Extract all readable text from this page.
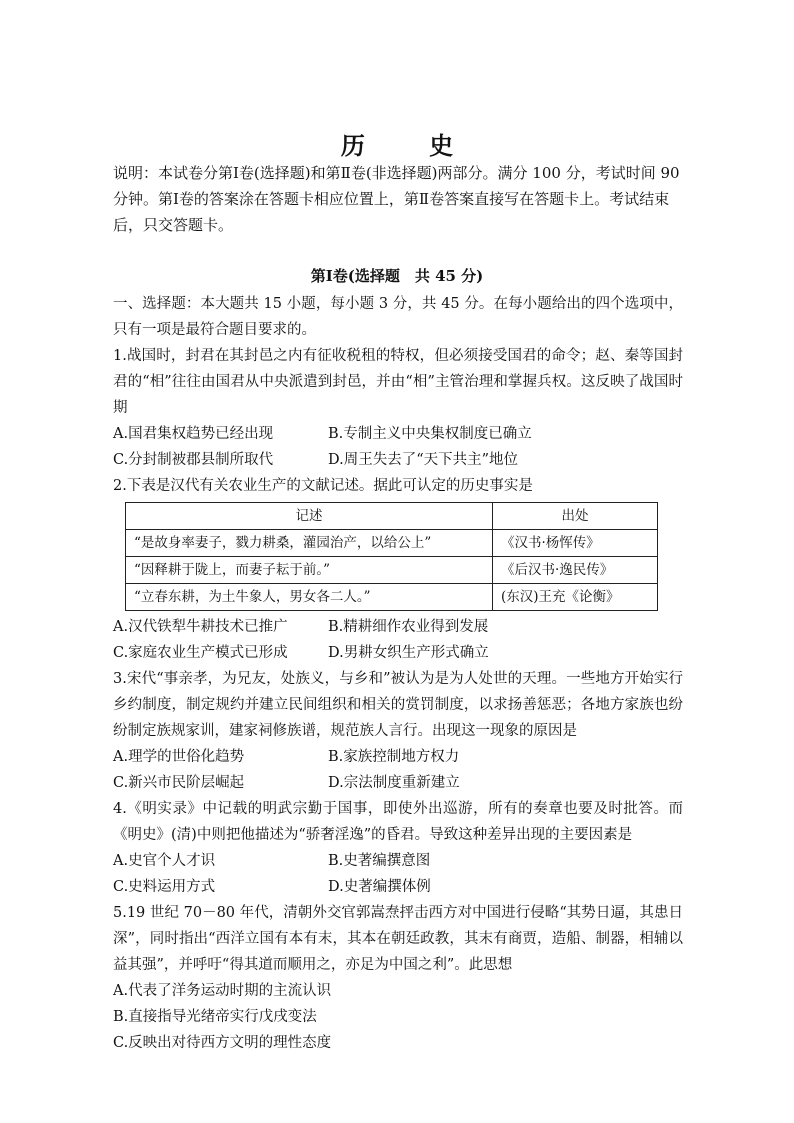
历 史
说明：本试卷分第Ⅰ卷(选择题)和第Ⅱ卷(非选择题)两部分。满分 100 分，考试时间 90 分钟。第Ⅰ卷的答案涂在答题卡相应位置上，第Ⅱ卷答案直接写在答题卡上。考试结束后，只交答题卡。
第Ⅰ卷(选择题　共 45 分)

一、选择题：本大题共 15 小题，每小题 3 分，共 45 分。在每小题给出的四个选项中，只有一项是最符合题目要求的。

1.战国时，封君在其封邑之内有征收税租的特权，但必须接受国君的命令；赵、秦等国封君的“相”往往由国君从中央派遣到封邑，并由“相”主管治理和掌握兵权。这反映了战国时期

A.国君集权趋势已经出现	B.专制主义中央集权制度已确立
C.分封制被郡县制所取代	D.周王失去了“天下共主”地位

2.下表是汉代有关农业生产的文献记述。据此可认定的历史事实是

记述	出处
“是故身率妻子，戮力耕桑，灌园治产，以给公上”	《汉书·杨恽传》
“因释耕于陇上，而妻子耘于前。”	《后汉书·逸民传》
“立春东耕，为土牛象人，男女各二人。”	(东汉)王充《论衡》
A.汉代铁犁牛耕技术已推广	B.精耕细作农业得到发展
C.家庭农业生产模式已形成	D.男耕女织生产形式确立

3.宋代“事亲孝，为兄友，处族义，与乡和”被认为是为人处世的天理。一些地方开始实行乡约制度，制定规约并建立民间组织和相关的赏罚制度，以求扬善惩恶；各地方家族也纷纷制定族规家训，建家祠修族谱，规范族人言行。出现这一现象的原因是

A.理学的世俗化趋势	B.家族控制地方权力
C.新兴市民阶层崛起	D.宗法制度重新建立

4.《明实录》中记载的明武宗勤于国事，即使外出巡游，所有的奏章也要及时批答。而《明史》(清)中则把他描述为“骄奢淫逸”的昏君。导致这种差异出现的主要因素是

A.史官个人才识	B.史著编撰意图
C.史料运用方式	D.史著编撰体例

5.19 世纪 70－80 年代，清朝外交官郭嵩焘抨击西方对中国进行侵略“其势日逼，其患日深”，同时指出“西洋立国有本有末，其本在朝廷政教，其末有商贾，造船、制器，相辅以益其强”，并呼吁“得其道而顺用之，亦足为中国之利”。此思想

A.代表了洋务运动时期的主流认识

B.直接指导光绪帝实行戊戌变法

C.反映出对待西方文明的理性态度
